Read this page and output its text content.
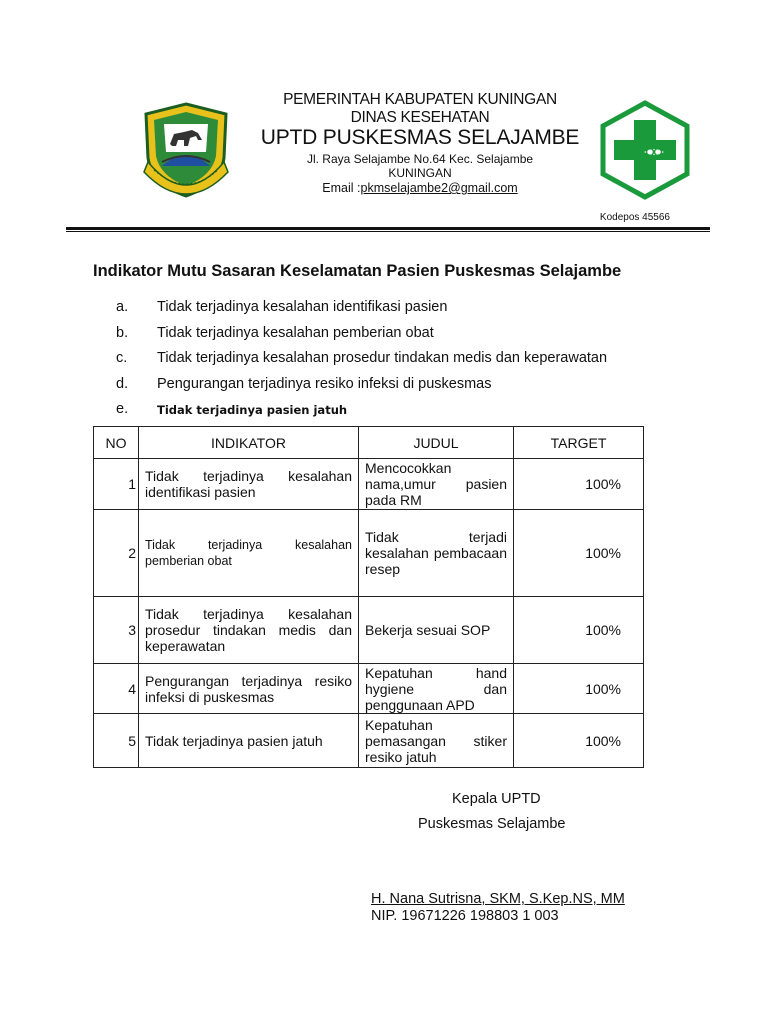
PEMERINTAH KABUPATEN KUNINGAN
DINAS KESEHATAN
UPTD PUSKESMAS SELAJAMBE
Jl. Raya Selajambe No.64 Kec. Selajambe
KUNINGAN
Email :pkmselajambe2@gmail.com
Kodepos 45566
Indikator Mutu Sasaran Keselamatan Pasien Puskesmas Selajambe
a. Tidak terjadinya kesalahan identifikasi pasien
b. Tidak terjadinya kesalahan pemberian obat
c. Tidak terjadinya kesalahan prosedur tindakan medis dan keperawatan
d. Pengurangan terjadinya resiko infeksi di puskesmas
e.	Tidak terjadinya pasien jatuh
NO	INDIKATOR	JUDUL	TARGET
1	Tidak terjadinya kesalahan identifikasi pasien	Mencocokkan nama,umur pasien pada RM	100%
2	Tidak terjadinya kesalahan pemberian obat	Tidak terjadi kesalahan pembacaan resep	100%
3	Tidak terjadinya kesalahan prosedur tindakan medis dan keperawatan	Bekerja sesuai SOP	100%
4	Pengurangan terjadinya resiko infeksi di puskesmas	Kepatuhan hand hygiene dan penggunaan APD	100%
5	Tidak terjadinya pasien jatuh	Kepatuhan pemasangan stiker resiko jatuh	100%
Kepala UPTD
Puskesmas Selajambe
H. Nana Sutrisna, SKM, S.Kep.NS, MM
NIP. 19671226 198803 1 003
